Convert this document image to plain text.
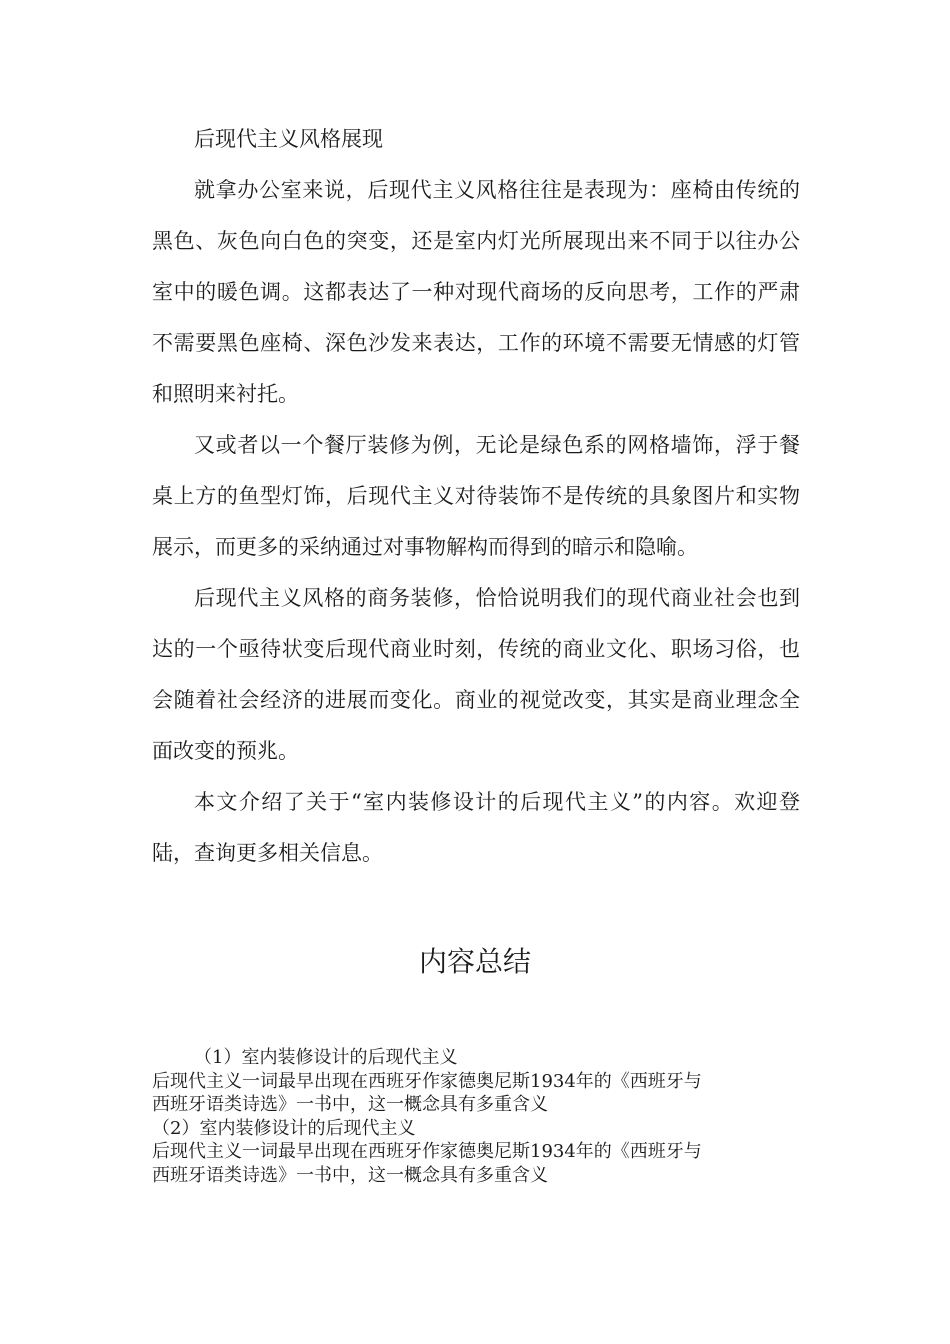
后现代主义风格展现

就拿办公室来说，后现代主义风格往往是表现为：座椅由传统的黑色、灰色向白色的突变，还是室内灯光所展现出来不同于以往办公室中的暖色调。这都表达了一种对现代商场的反向思考，工作的严肃不需要黑色座椅、深色沙发来表达，工作的环境不需要无情感的灯管和照明来衬托。

又或者以一个餐厅装修为例，无论是绿色系的网格墙饰，浮于餐桌上方的鱼型灯饰，后现代主义对待装饰不是传统的具象图片和实物展示，而更多的采纳通过对事物解构而得到的暗示和隐喻。

后现代主义风格的商务装修，恰恰说明我们的现代商业社会也到达的一个亟待状变后现代商业时刻，传统的商业文化、职场习俗，也会随着社会经济的进展而变化。商业的视觉改变，其实是商业理念全面改变的预兆。

本文介绍了关于“室内装修设计的后现代主义”的内容。欢迎登陆，查询更多相关信息。

内容总结

（1）室内装修设计的后现代主义

后现代主义一词最早出现在西班牙作家德奥尼斯1934年的《西班牙与

西班牙语类诗选》一书中，这一概念具有多重含义

（2）室内装修设计的后现代主义

后现代主义一词最早出现在西班牙作家德奥尼斯1934年的《西班牙与

西班牙语类诗选》一书中，这一概念具有多重含义
